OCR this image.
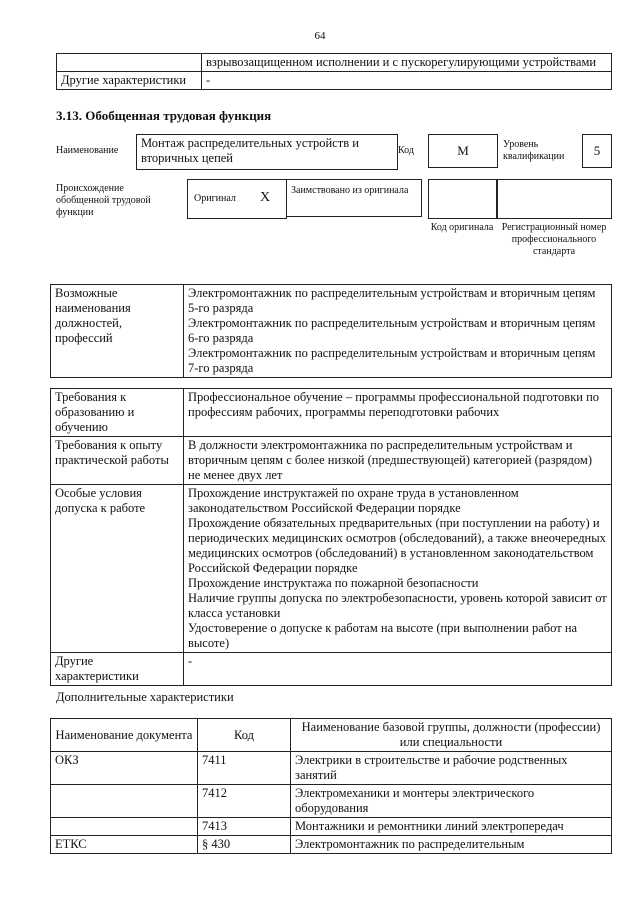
64
	взрывозащищенном исполнении и с пускорегулирующими устройствами
Другие характеристики	-
3.13. Обобщенная трудовая функция
Наименование
Монтаж распределительных устройств и вторичных цепей
Код	M	Уровень квалификации	5
Происхождение обобщенной трудовой функции
Оригинал X	Заимствовано из оригинала
Код оригинала Регистрационный номер профессионального стандарта
Возможные наименования должностей, профессий	Электромонтажник по распределительным устройствам и вторичным цепям 5-го разряда
Электромонтажник по распределительным устройствам и вторичным цепям 6-го разряда
Электромонтажник по распределительным устройствам и вторичным цепям 7-го разряда
Требования к образованию и обучению	Профессиональное обучение – программы профессиональной подготовки по профессиям рабочих, программы переподготовки рабочих
Требования к опыту практической работы	В должности электромонтажника по распределительным устройствам и вторичным цепям с более низкой (предшествующей) категорией (разрядом) не менее двух лет
Особые условия допуска к работе	Прохождение инструктажей по охране труда в установленном законодательством Российской Федерации порядке
Прохождение обязательных предварительных (при поступлении на работу) и периодических медицинских осмотров (обследований), а также внеочередных медицинских осмотров (обследований) в установленном законодательством Российской Федерации порядке
Прохождение инструктажа по пожарной безопасности
Наличие группы допуска по электробезопасности, уровень которой зависит от класса установки
Удостоверение о допуске к работам на высоте (при выполнении работ на высоте)
Другие характеристики	-
Дополнительные характеристики
Наименование документа	Код	Наименование базовой группы, должности (профессии) или специальности
ОКЗ	7411	Электрики в строительстве и рабочие родственных занятий
	7412	Электромеханики и монтеры электрического оборудования
	7413	Монтажники и ремонтники линий электропередач
ЕТКС	§ 430	Электромонтажник по распределительным
